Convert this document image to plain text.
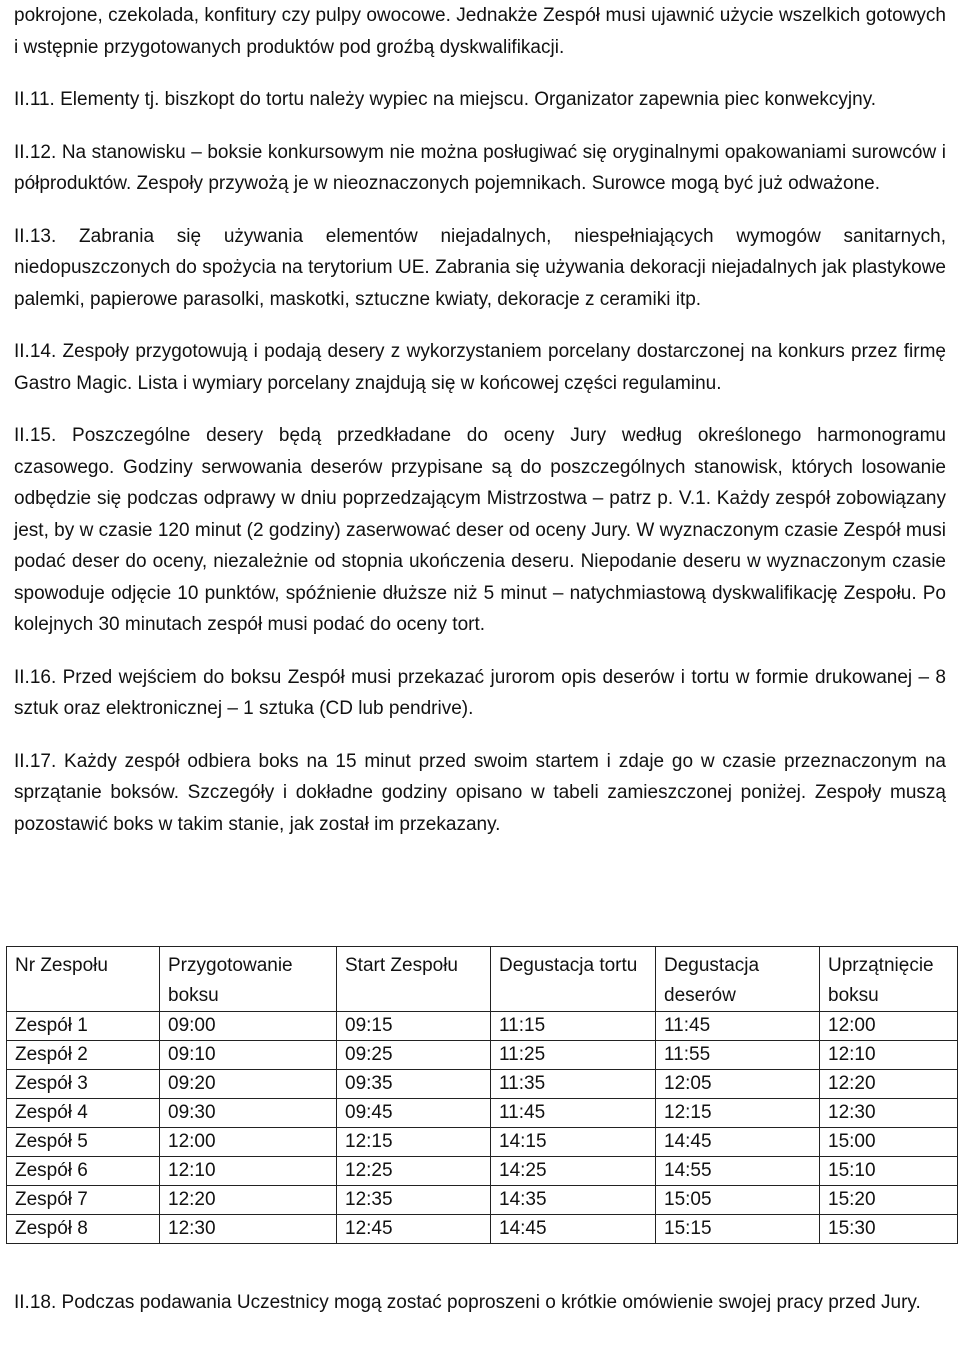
pokrojone, czekolada, konfitury czy pulpy owocowe. Jednakże Zespół musi ujawnić użycie wszelkich gotowych i wstępnie przygotowanych produktów pod groźbą dyskwalifikacji.

II.11. Elementy tj. biszkopt do tortu należy wypiec na miejscu. Organizator zapewnia piec konwekcyjny.

II.12. Na stanowisku – boksie konkursowym nie można posługiwać się oryginalnymi opakowaniami surowców i półproduktów. Zespoły przywożą je w nieoznaczonych pojemnikach. Surowce mogą być już odważone.

II.13. Zabrania się używania elementów niejadalnych, niespełniających wymogów sanitarnych, niedopuszczonych do spożycia na terytorium UE. Zabrania się używania dekoracji niejadalnych jak plastykowe palemki, papierowe parasolki, maskotki, sztuczne kwiaty, dekoracje z ceramiki itp.

II.14. Zespoły przygotowują i podają desery z wykorzystaniem porcelany dostarczonej na konkurs przez firmę Gastro Magic. Lista i wymiary porcelany znajdują się w końcowej części regulaminu.

II.15. Poszczególne desery będą przedkładane do oceny Jury według określonego harmonogramu czasowego. Godziny serwowania deserów przypisane są do poszczególnych stanowisk, których losowanie odbędzie się podczas odprawy w dniu poprzedzającym Mistrzostwa – patrz p. V.1. Każdy zespół zobowiązany jest, by w czasie 120 minut (2 godziny) zaserwować deser od oceny Jury. W wyznaczonym czasie Zespół musi podać deser do oceny, niezależnie od stopnia ukończenia deseru. Niepodanie deseru w wyznaczonym czasie spowoduje odjęcie 10 punktów, spóźnienie dłuższe niż 5 minut – natychmiastową dyskwalifikację Zespołu. Po kolejnych 30 minutach zespół musi podać do oceny tort.

II.16. Przed wejściem do boksu Zespół musi przekazać jurorom opis deserów i tortu w formie drukowanej – 8 sztuk oraz elektronicznej – 1 sztuka (CD lub pendrive).

II.17. Każdy zespół odbiera boks na 15 minut przed swoim startem i zdaje go w czasie przeznaczonym na sprzątanie boksów. Szczegóły i dokładne godziny opisano w tabeli zamieszczonej poniżej. Zespoły muszą pozostawić boks w takim stanie, jak został im przekazany.

Nr Zespołu	Przygotowanie boksu	Start Zespołu	Degustacja tortu	Degustacja deserów	Uprzątnięcie boksu
Zespół 1	09:00	09:15	11:15	11:45	12:00
Zespół 2	09:10	09:25	11:25	11:55	12:10
Zespół 3	09:20	09:35	11:35	12:05	12:20
Zespół 4	09:30	09:45	11:45	12:15	12:30
Zespół 5	12:00	12:15	14:15	14:45	15:00
Zespół 6	12:10	12:25	14:25	14:55	15:10
Zespół 7	12:20	12:35	14:35	15:05	15:20
Zespół 8	12:30	12:45	14:45	15:15	15:30

II.18. Podczas podawania Uczestnicy mogą zostać poproszeni o krótkie omówienie swojej pracy przed Jury.
